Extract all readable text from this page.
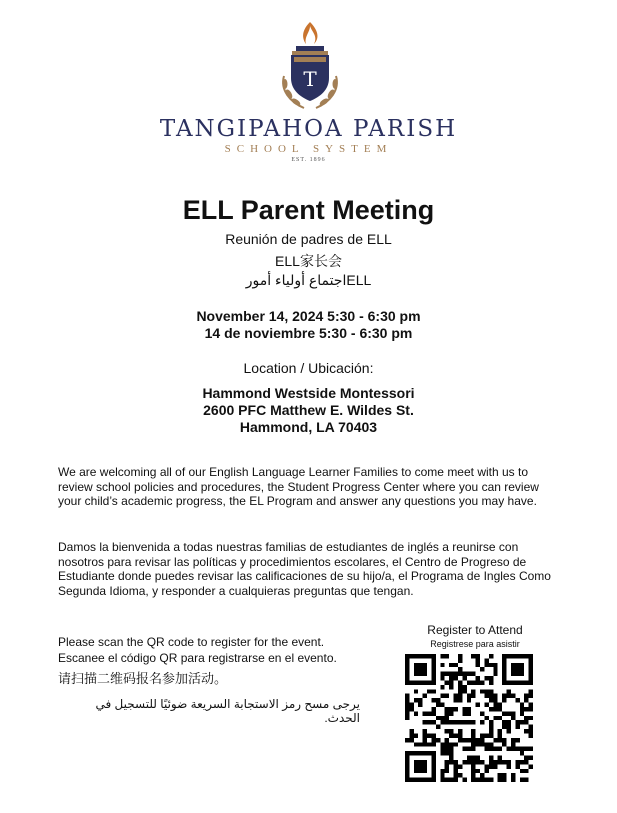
T
TANGIPAHOA PARISH
SCHOOL SYSTEM
EST. 1896
ELL Parent Meeting
Reunión de padres de ELL
ELL家长会
اجتماع أولياء أمورELL
November 14, 2024 5:30 - 6:30 pm
14 de noviembre 5:30 - 6:30 pm
Location / Ubicación:
Hammond Westside Montessori
2600 PFC Matthew E. Wildes St.
Hammond, LA 70403
We are welcoming all of our English Language Learner Families to come meet with us to review school policies and procedures, the Student Progress Center where you can review your child’s academic progress, the EL Program and answer any questions you may have.
Damos la bienvenida a todas nuestras familias de estudiantes de inglés a reunirse con nosotros para revisar las políticas y procedimientos escolares, el Centro de Progreso de Estudiante donde puedes revisar las calificaciones de su hijo/a, el Programa de Ingles Como Segunda Idioma, y responder a cualquieras preguntas que tengan.
Please scan the QR code to register for the event.
Escanee el código QR para registrarse en el evento.
请扫描二维码报名参加活动。
يرجى مسح رمز الاستجابة السريعة ضوئيًا للتسجيل في الحدث.
Register to Attend
Registrese para asistir
